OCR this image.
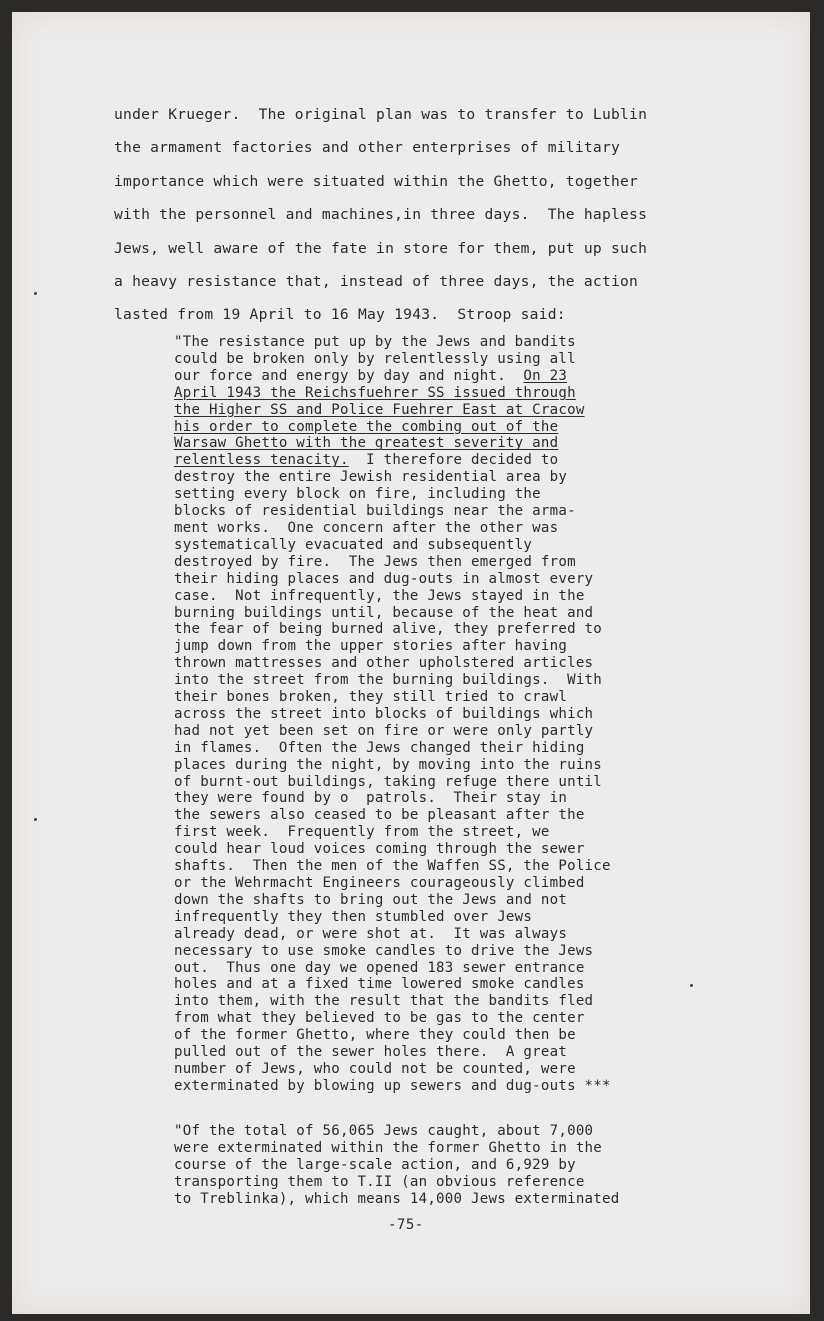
under Krueger.  The original plan was to transfer to Lublin
the armament factories and other enterprises of military
importance which were situated within the Ghetto, together
with the personnel and machines,in three days.  The hapless
Jews, well aware of the fate in store for them, put up such
a heavy resistance that, instead of three days, the action
lasted from 19 April to 16 May 1943.  Stroop said:

"The resistance put up by the Jews and bandits
could be broken only by relentlessly using all
our force and energy by day and night.  On 23
April 1943 the Reichsfuehrer SS issued through
the Higher SS and Police Fuehrer East at Cracow
his order to complete the combing out of the
Warsaw Ghetto with the greatest severity and
relentless tenacity.  I therefore decided to
destroy the entire Jewish residential area by
setting every block on fire, including the
blocks of residential buildings near the arma-
ment works.  One concern after the other was
systematically evacuated and subsequently
destroyed by fire.  The Jews then emerged from
their hiding places and dug-outs in almost every
case.  Not infrequently, the Jews stayed in the
burning buildings until, because of the heat and
the fear of being burned alive, they preferred to
jump down from the upper stories after having
thrown mattresses and other upholstered articles
into the street from the burning buildings.  With
their bones broken, they still tried to crawl
across the street into blocks of buildings which
had not yet been set on fire or were only partly
in flames.  Often the Jews changed their hiding
places during the night, by moving into the ruins
of burnt-out buildings, taking refuge there until
they were found by o  patrols.  Their stay in
the sewers also ceased to be pleasant after the
first week.  Frequently from the street, we
could hear loud voices coming through the sewer
shafts.  Then the men of the Waffen SS, the Police
or the Wehrmacht Engineers courageously climbed
down the shafts to bring out the Jews and not
infrequently they then stumbled over Jews
already dead, or were shot at.  It was always
necessary to use smoke candles to drive the Jews
out.  Thus one day we opened 183 sewer entrance
holes and at a fixed time lowered smoke candles
into them, with the result that the bandits fled
from what they believed to be gas to the center
of the former Ghetto, where they could then be
pulled out of the sewer holes there.  A great
number of Jews, who could not be counted, were
exterminated by blowing up sewers and dug-outs ***
"Of the total of 56,065 Jews caught, about 7,000
were exterminated within the former Ghetto in the
course of the large-scale action, and 6,929 by
transporting them to T.II (an obvious reference
to Treblinka), which means 14,000 Jews exterminated
-75-
